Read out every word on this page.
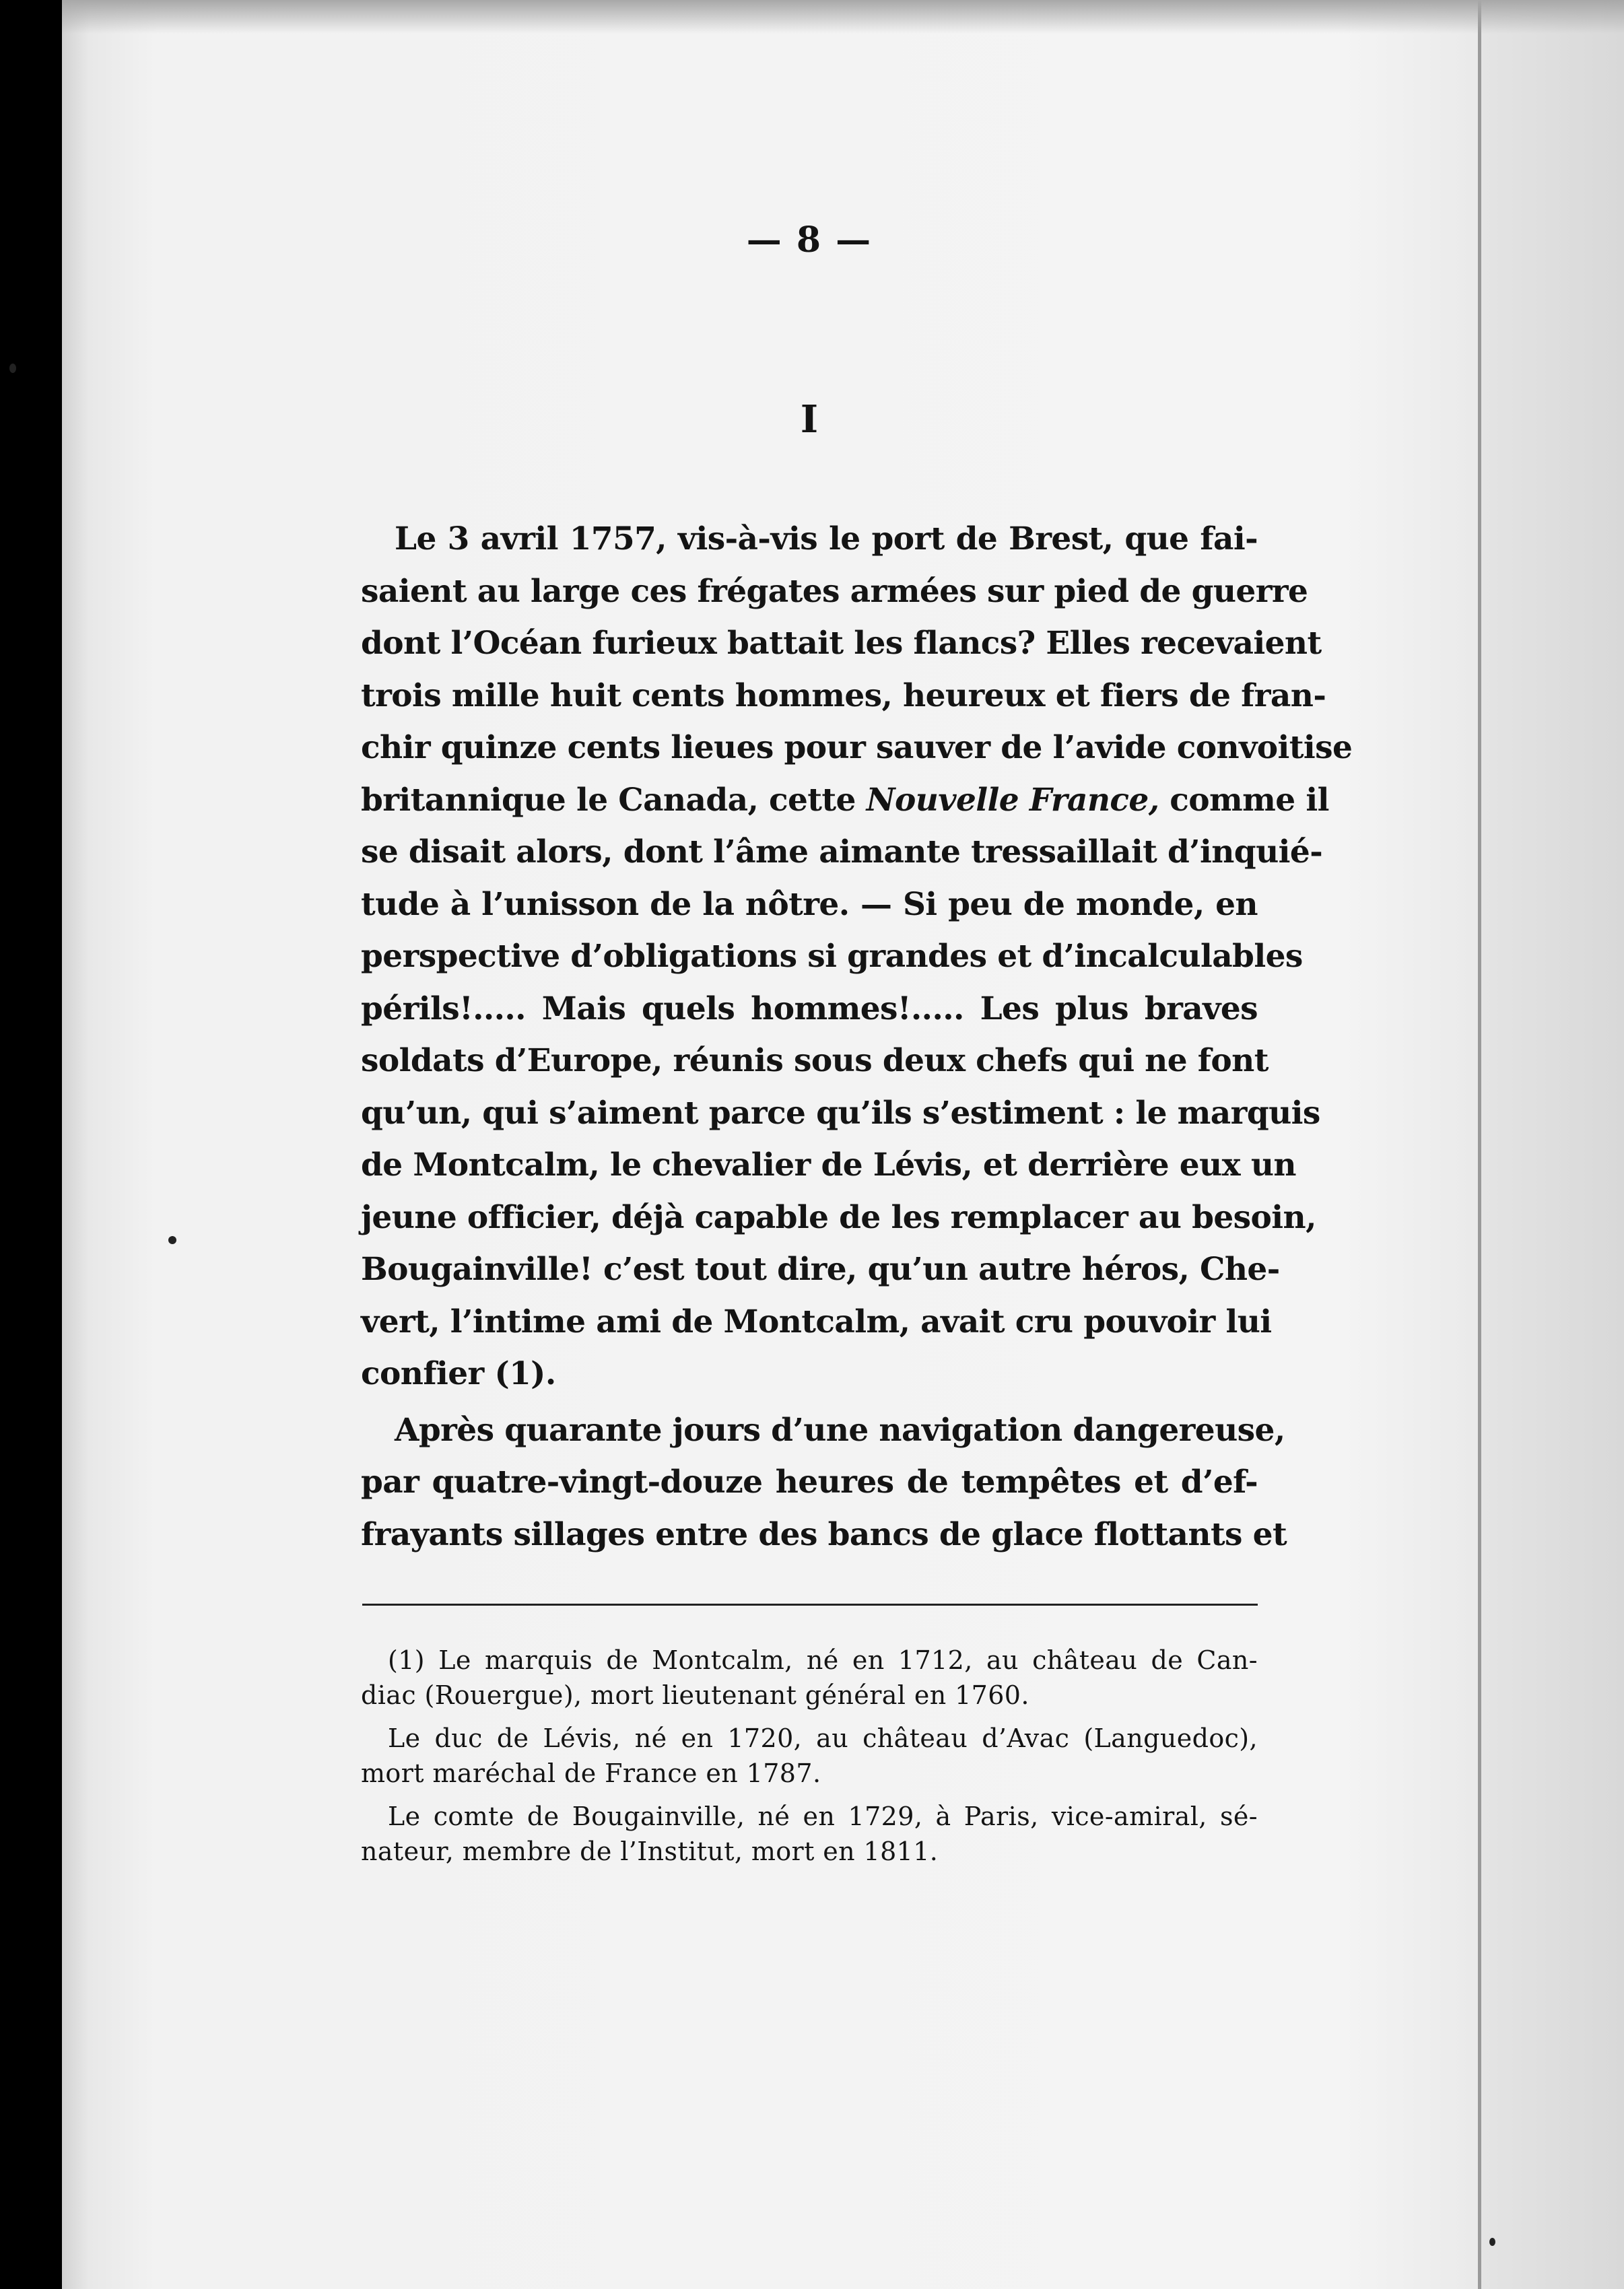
— 8 —
I
Le 3 avril 1757, vis-à-vis le port de Brest, que fai-
saient au large ces frégates armées sur pied de guerre
dont l’Océan furieux battait les flancs? Elles recevaient
trois mille huit cents hommes, heureux et fiers de fran-
chir quinze cents lieues pour sauver de l’avide convoitise
britannique le Canada, cette Nouvelle France, comme il
se disait alors, dont l’âme aimante tressaillait d’inquié-
tude à l’unisson de la nôtre. — Si peu de monde, en
perspective d’obligations si grandes et d’incalculables
périls!..... Mais quels hommes!..... Les plus braves
soldats d’Europe, réunis sous deux chefs qui ne font
qu’un, qui s’aiment parce qu’ils s’estiment : le marquis
de Montcalm, le chevalier de Lévis, et derrière eux un
jeune officier, déjà capable de les remplacer au besoin,
Bougainville! c’est tout dire, qu’un autre héros, Che-
vert, l’intime ami de Montcalm, avait cru pouvoir lui
confier (1).
Après quarante jours d’une navigation dangereuse,
par quatre-vingt-douze heures de tempêtes et d’ef-
frayants sillages entre des bancs de glace flottants et
(1) Le marquis de Montcalm, né en 1712, au château de Can-
diac (Rouergue), mort lieutenant général en 1760.
Le duc de Lévis, né en 1720, au château d’Avac (Languedoc),
mort maréchal de France en 1787.
Le comte de Bougainville, né en 1729, à Paris, vice-amiral, sé-
nateur, membre de l’Institut, mort en 1811.
